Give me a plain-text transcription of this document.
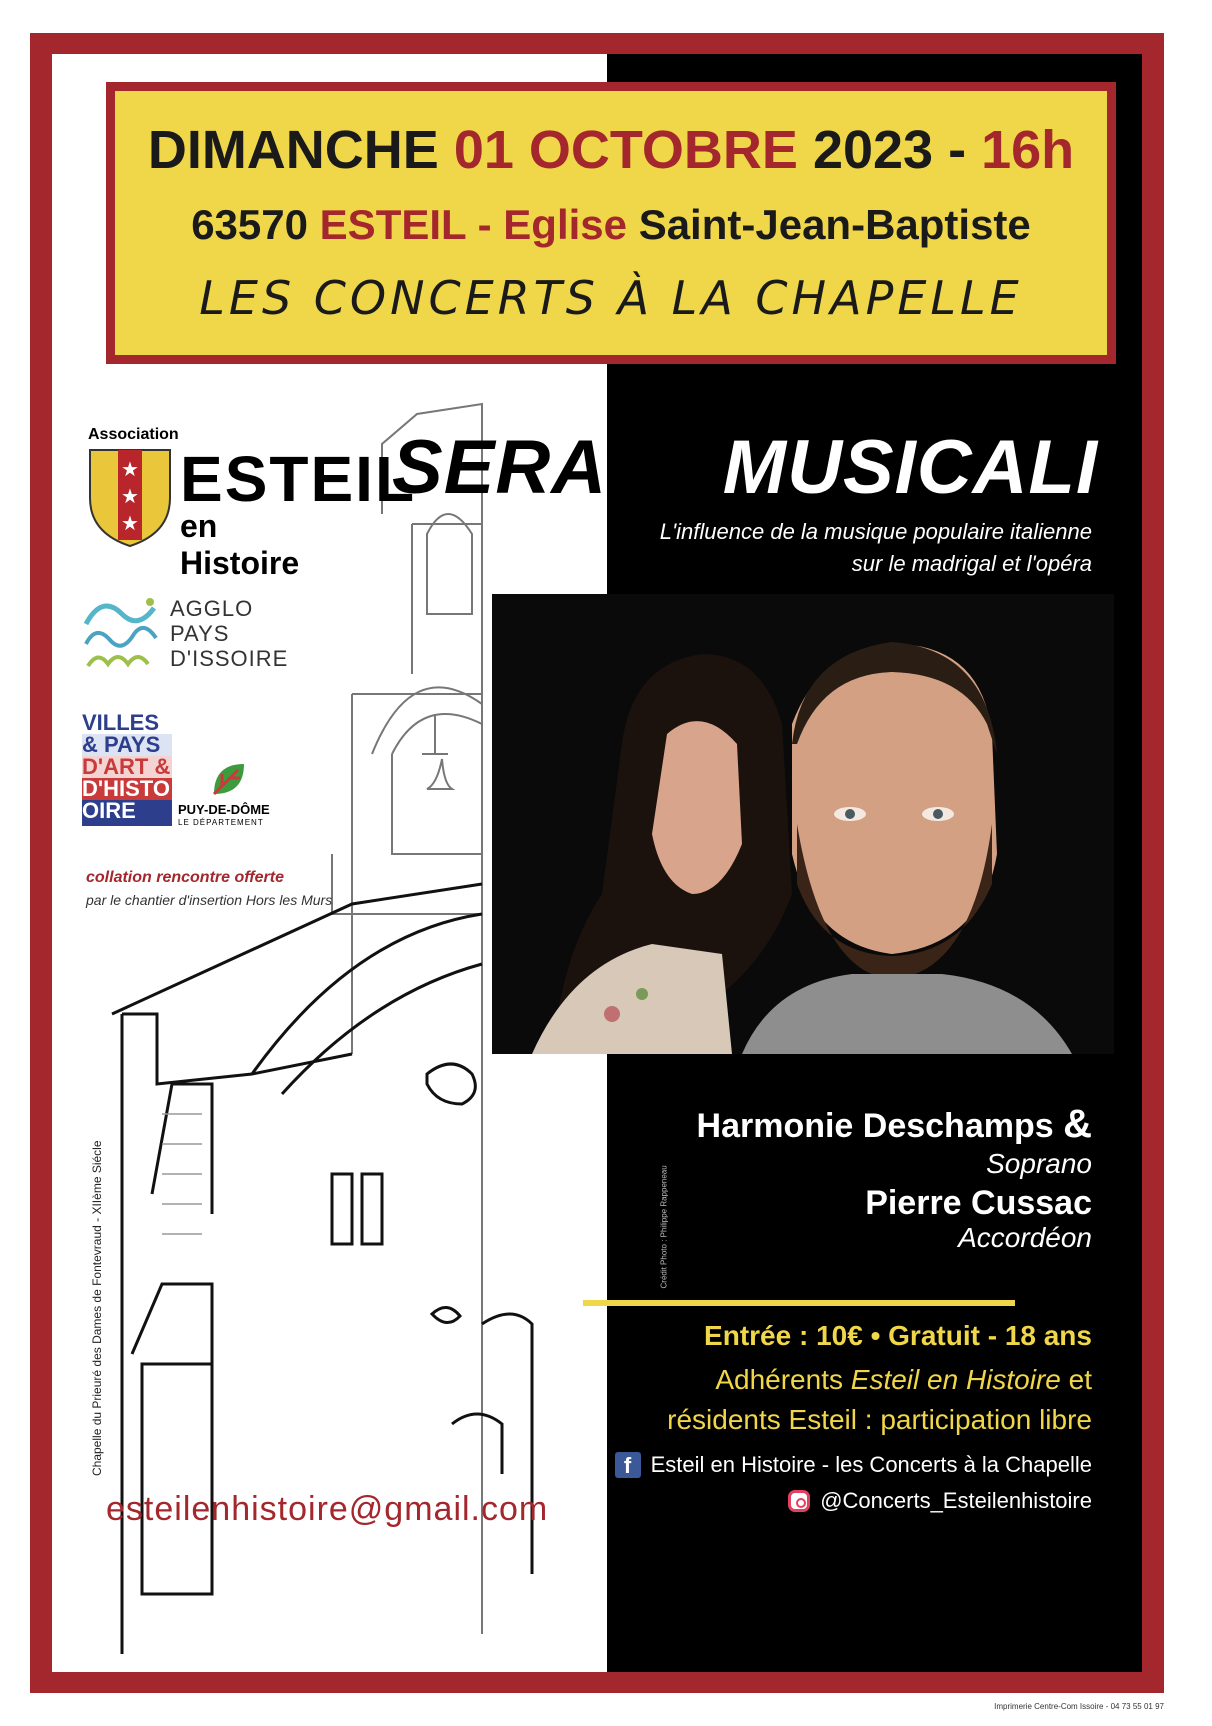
DIMANCHE 01 OCTOBRE 2023 - 16h
63570 ESTEIL - Eglise Saint-Jean-Baptiste
LES CONCERTS À LA CHAPELLE
Association
★
★
★
ESTEIL
en Histoire
AGGLO
PAYS
D'ISSOIRE
VILLES
& PAYS
D'ART &
D'HISTO
OIRE	PUY-DE-DÔME
LE DÉPARTEMENT
collation rencontre offerte
par le chantier d'insertion Hors les Murs
SERATE MUSICALI
L'influence de la musique populaire italienne
sur le madrigal et l'opéra
Harmonie Deschamps &
Soprano
Pierre Cussac
Accordéon
Crédit Photo : Philippe Rappeneau
Entrée : 10€ • Gratuit - 18 ans
Adhérents Esteil en Histoire et
résidents Esteil : participation libre
f Esteil en Histoire - les Concerts à la Chapelle
@Concerts_Esteilenhistoire
esteilenhistoire@gmail.com
Chapelle du Prieuré des Dames de Fontevraud - XIIème Siécle
Imprimerie Centre-Com Issoire - 04 73 55 01 97
